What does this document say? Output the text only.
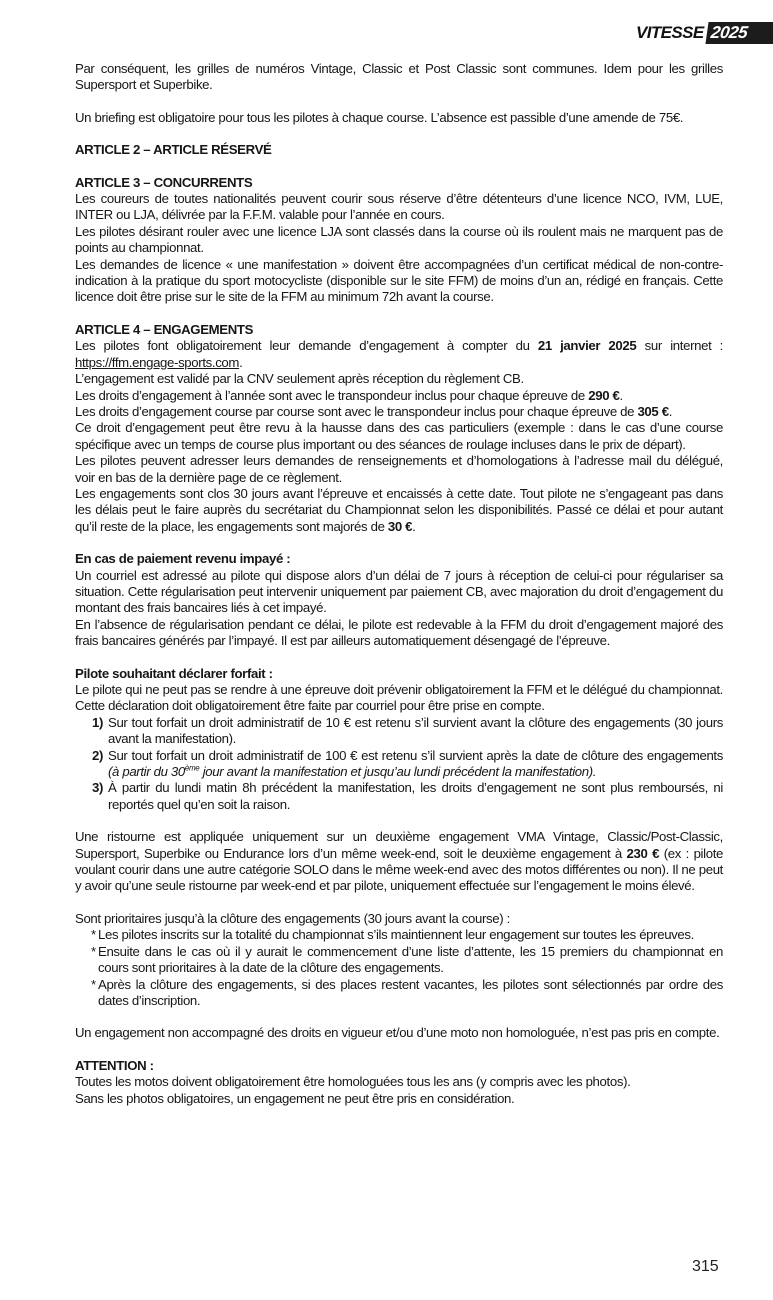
VITESSE 2025

Par conséquent, les grilles de numéros Vintage, Classic et Post Classic sont communes. Idem pour les grilles Supersport et Superbike.

Un briefing est obligatoire pour tous les pilotes à chaque course. L’absence est passible d’une amende de 75€.

ARTICLE 2 – ARTICLE RÉSERVÉ

ARTICLE 3 – CONCURRENTS

Les coureurs de toutes nationalités peuvent courir sous réserve d’être détenteurs d’une licence NCO, IVM, LUE, INTER ou LJA, délivrée par la F.F.M. valable pour l’année en cours.

Les pilotes désirant rouler avec une licence LJA sont classés dans la course où ils roulent mais ne marquent pas de points au championnat.

Les demandes de licence « une manifestation » doivent être accompagnées d’un certificat médical de non-contre-indication à la pratique du sport motocycliste (disponible sur le site FFM) de moins d’un an, rédigé en français. Cette licence doit être prise sur le site de la FFM au minimum 72h avant la course.

ARTICLE 4 – ENGAGEMENTS

Les pilotes font obligatoirement leur demande d’engagement à compter du 21 janvier 2025 sur internet : https://ffm.engage-sports.com.

L’engagement est validé par la CNV seulement après réception du règlement CB.

Les droits d’engagement à l’année sont avec le transpondeur inclus pour chaque épreuve de 290 €.

Les droits d’engagement course par course sont avec le transpondeur inclus pour chaque épreuve de 305 €.

Ce droit d’engagement peut être revu à la hausse dans des cas particuliers (exemple : dans le cas d’une course spécifique avec un temps de course plus important ou des séances de roulage incluses dans le prix de départ).

Les pilotes peuvent adresser leurs demandes de renseignements et d’homologations à l’adresse mail du délégué, voir en bas de la dernière page de ce règlement.

Les engagements sont clos 30 jours avant l’épreuve et encaissés à cette date. Tout pilote ne s’engageant pas dans les délais peut le faire auprès du secrétariat du Championnat selon les disponibilités. Passé ce délai et pour autant qu’il reste de la place, les engagements sont majorés de 30 €.

En cas de paiement revenu impayé :

Un courriel est adressé au pilote qui dispose alors d’un délai de 7 jours à réception de celui-ci pour régulariser sa situation. Cette régularisation peut intervenir uniquement par paiement CB, avec majoration du droit d’engagement du montant des frais bancaires liés à cet impayé.

En l’absence de régularisation pendant ce délai, le pilote est redevable à la FFM du droit d’engagement majoré des frais bancaires générés par l’impayé. Il est par ailleurs automatiquement désengagé de l’épreuve.

Pilote souhaitant déclarer forfait :

Le pilote qui ne peut pas se rendre à une épreuve doit prévenir obligatoirement la FFM et le délégué du championnat. Cette déclaration doit obligatoirement être faite par courriel pour être prise en compte.

1) Sur tout forfait un droit administratif de 10 € est retenu s’il survient avant la clôture des engagements (30 jours avant la manifestation).
2) Sur tout forfait un droit administratif de 100 € est retenu s’il survient après la date de clôture des engagements (à partir du 30ème jour avant la manifestation et jusqu’au lundi précédent la manifestation).
3) À partir du lundi matin 8h précédent la manifestation, les droits d’engagement ne sont plus remboursés, ni reportés quel qu’en soit la raison.

Une ristourne est appliquée uniquement sur un deuxième engagement VMA Vintage, Classic/Post-Classic, Supersport, Superbike ou Endurance lors d’un même week-end, soit le deuxième engagement à 230 € (ex : pilote voulant courir dans une autre catégorie SOLO dans le même week-end avec des motos différentes ou non). Il ne peut y avoir qu’une seule ristourne par week-end et par pilote, uniquement effectuée sur l’engagement le moins élevé.

Sont prioritaires jusqu’à la clôture des engagements (30 jours avant la course) :

* Les pilotes inscrits sur la totalité du championnat s’ils maintiennent leur engagement sur toutes les épreuves.
* Ensuite dans le cas où il y aurait le commencement d’une liste d’attente, les 15 premiers du championnat en cours sont prioritaires à la date de la clôture des engagements.
* Après la clôture des engagements, si des places restent vacantes, les pilotes sont sélectionnés par ordre des dates d’inscription.

Un engagement non accompagné des droits en vigueur et/ou d’une moto non homologuée, n’est pas pris en compte.

ATTENTION :

Toutes les motos doivent obligatoirement être homologuées tous les ans (y compris avec les photos).

Sans les photos obligatoires, un engagement ne peut être pris en considération.

315
